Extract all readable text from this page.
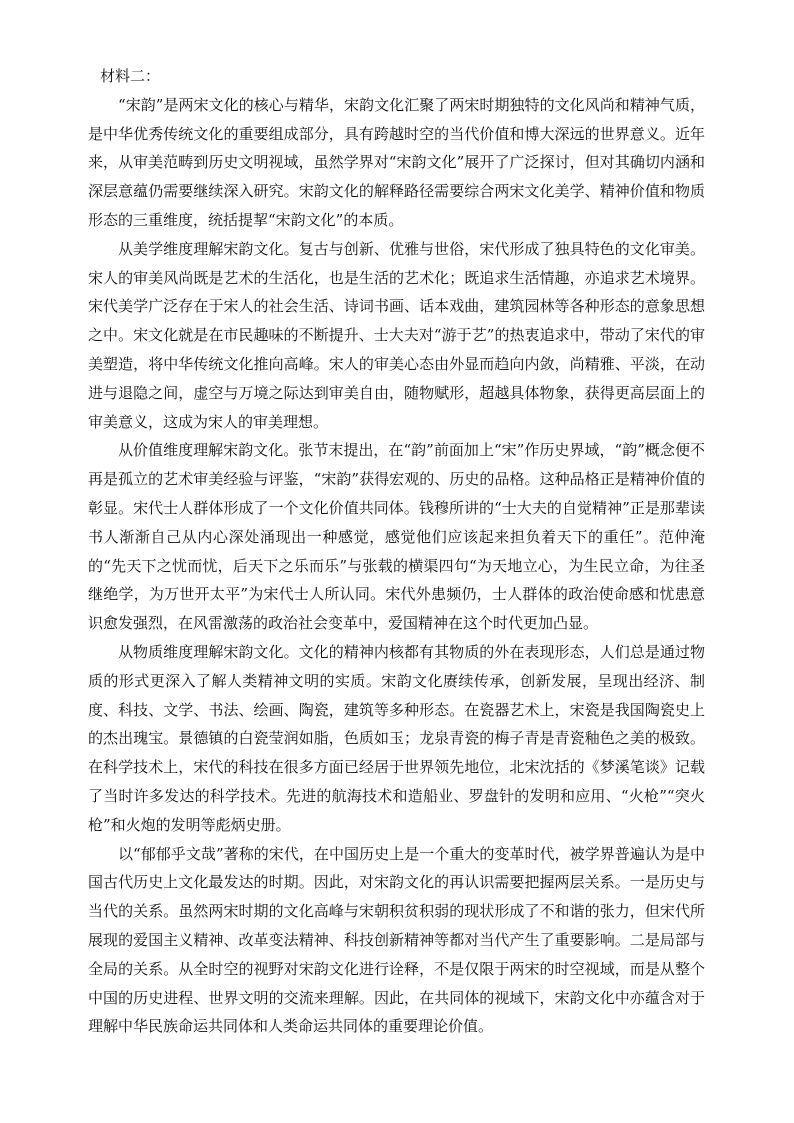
材料二：

“宋韵”是两宋文化的核心与精华，宋韵文化汇聚了两宋时期独特的文化风尚和精神气质，是中华优秀传统文化的重要组成部分，具有跨越时空的当代价值和博大深远的世界意义。近年来，从审美范畴到历史文明视域，虽然学界对“宋韵文化”展开了广泛探讨，但对其确切内涵和深层意蕴仍需要继续深入研究。宋韵文化的解释路径需要综合两宋文化美学、精神价值和物质形态的三重维度，统括提挈“宋韵文化”的本质。

从美学维度理解宋韵文化。复古与创新、优雅与世俗，宋代形成了独具特色的文化审美。宋人的审美风尚既是艺术的生活化，也是生活的艺术化；既追求生活情趣，亦追求艺术境界。宋代美学广泛存在于宋人的社会生活、诗词书画、话本戏曲，建筑园林等各种形态的意象思想之中。宋文化就是在市民趣味的不断提升、士大夫对“游于艺”的热衷追求中，带动了宋代的审美塑造，将中华传统文化推向高峰。宋人的审美心态由外显而趋向内敛，尚精雅、平淡，在动进与退隐之间，虚空与万境之际达到审美自由，随物赋形，超越具体物象，获得更高层面上的审美意义，这成为宋人的审美理想。

从价值维度理解宋韵文化。张节末提出，在“韵”前面加上“宋”作历史界域，“韵”概念便不再是孤立的艺术审美经验与评鉴，“宋韵”获得宏观的、历史的品格。这种品格正是精神价值的彰显。宋代士人群体形成了一个文化价值共同体。钱穆所讲的“士大夫的自觉精神”正是那辈读书人渐渐自己从内心深处涌现出一种感觉，感觉他们应该起来担负着天下的重任”。范仲淹的“先天下之忧而忧，后天下之乐而乐”与张载的横渠四句“为天地立心，为生民立命，为往圣继绝学，为万世开太平”为宋代士人所认同。宋代外患频仍，士人群体的政治使命感和忧患意识愈发强烈，在风雷激荡的政治社会变革中，爱国精神在这个时代更加凸显。

从物质维度理解宋韵文化。文化的精神内核都有其物质的外在表现形态，人们总是通过物质的形式更深入了解人类精神文明的实质。宋韵文化赓续传承，创新发展，呈现出经济、制度、科技、文学、书法、绘画、陶瓷，建筑等多种形态。在瓷器艺术上，宋瓷是我国陶瓷史上的杰出瑰宝。景德镇的白瓷莹润如脂，色质如玉；龙泉青瓷的梅子青是青瓷釉色之美的极致。在科学技术上，宋代的科技在很多方面已经居于世界领先地位，北宋沈括的《梦溪笔谈》记载了当时许多发达的科学技术。先进的航海技术和造船业、罗盘针的发明和应用、“火枪”“突火枪”和火炮的发明等彪炳史册。

以“郁郁乎文哉”著称的宋代，在中国历史上是一个重大的变革时代，被学界普遍认为是中国古代历史上文化最发达的时期。因此，对宋韵文化的再认识需要把握两层关系。一是历史与当代的关系。虽然两宋时期的文化高峰与宋朝积贫积弱的现状形成了不和谐的张力，但宋代所展现的爱国主义精神、改革变法精神、科技创新精神等都对当代产生了重要影响。二是局部与全局的关系。从全时空的视野对宋韵文化进行诠释，不是仅限于两宋的时空视域，而是从整个中国的历史进程、世界文明的交流来理解。因此，在共同体的视域下，宋韵文化中亦蕴含对于理解中华民族命运共同体和人类命运共同体的重要理论价值。
